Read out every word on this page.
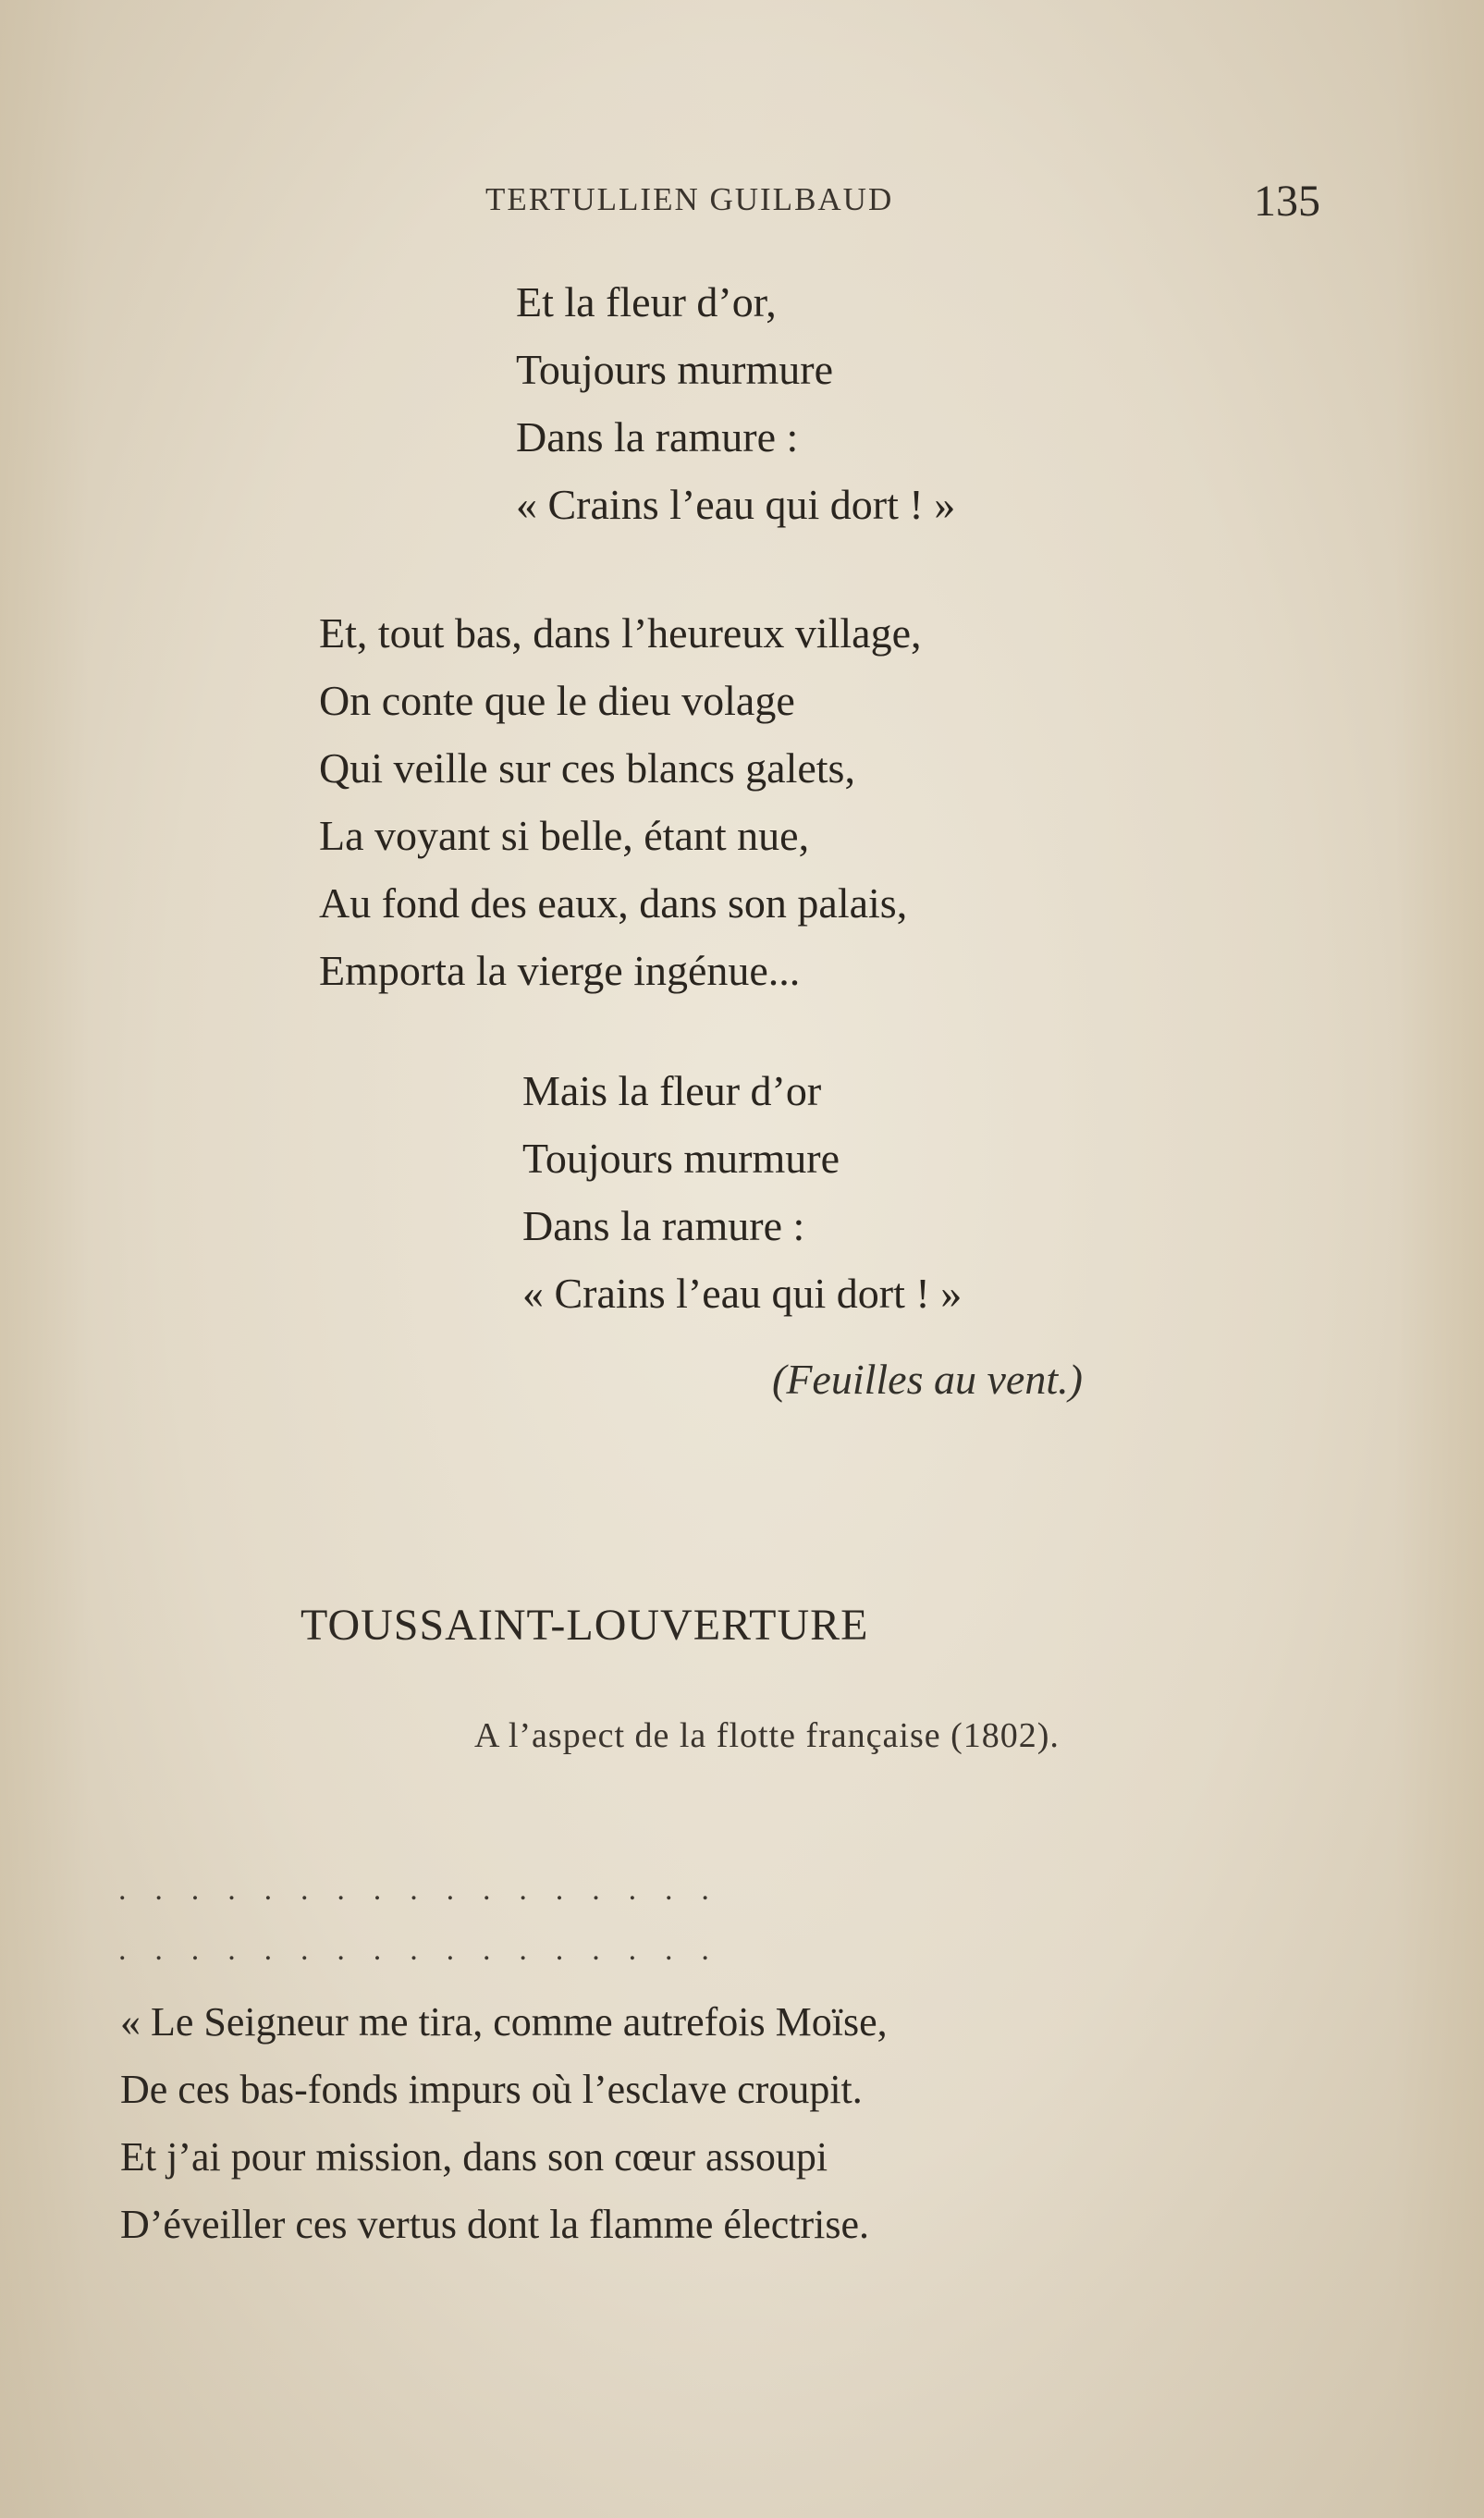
TERTULLIEN GUILBAUD	135
Et la fleur d’or,
Toujours murmure
Dans la ramure :
« Crains l’eau qui dort ! »
Et, tout bas, dans l’heureux village,
On conte que le dieu volage
Qui veille sur ces blancs galets,
La voyant si belle, étant nue,
Au fond des eaux, dans son palais,
Emporta la vierge ingénue...
Mais la fleur d’or
Toujours murmure
Dans la ramure :
« Crains l’eau qui dort ! »
(Feuilles au vent.)
TOUSSAINT-LOUVERTURE
A l’aspect de la flotte française (1802).
.................
.................
« Le Seigneur me tira, comme autrefois Moïse,
De ces bas-fonds impurs où l’esclave croupit.
Et j’ai pour mission, dans son cœur assoupi
D’éveiller ces vertus dont la flamme électrise.
